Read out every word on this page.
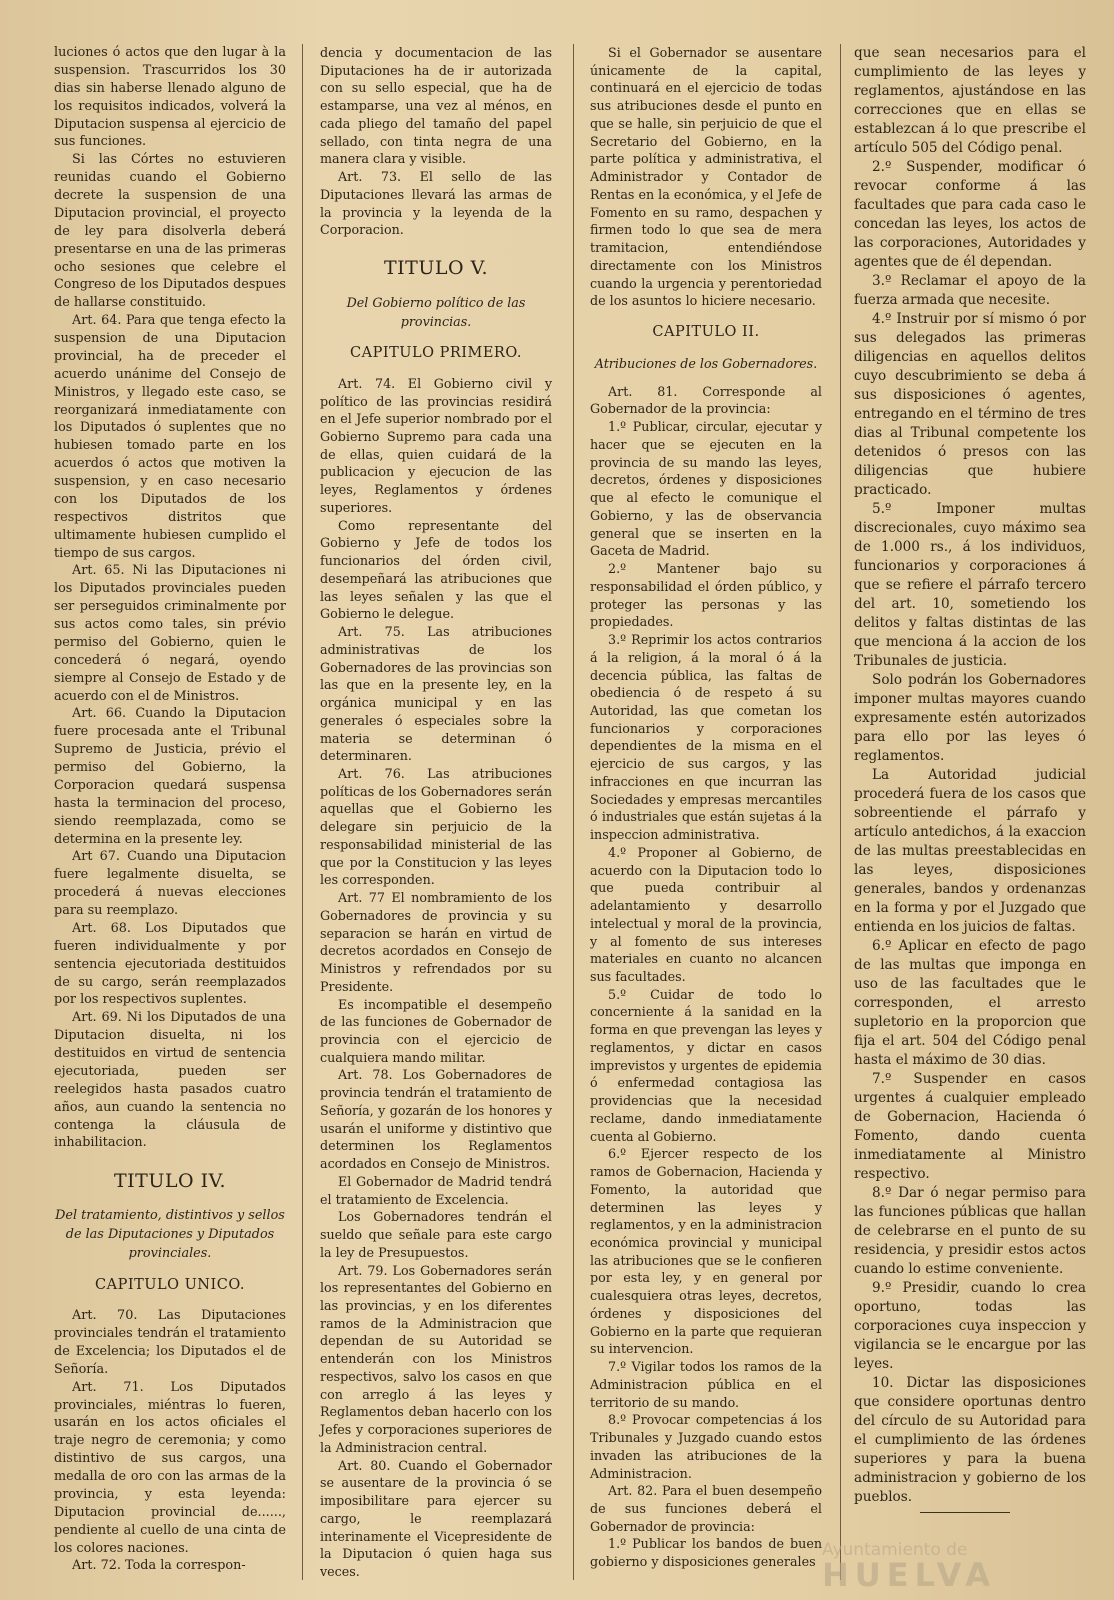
luciones ó actos que den lugar à la suspension. Trascurridos los 30 dias sin haberse llenado alguno de los requisitos indicados, volverá la Diputacion suspensa al ejercicio de sus funciones.

Si las Córtes no estuvieren reunidas cuando el Gobierno decrete la suspension de una Diputacion provincial, el proyecto de ley para disolverla deberá presentarse en una de las primeras ocho sesiones que celebre el Congreso de los Diputados despues de hallarse constituido.

Art. 64. Para que tenga efecto la suspension de una Diputacion provincial, ha de preceder el acuerdo unánime del Consejo de Ministros, y llegado este caso, se reorganizará inmediatamente con los Diputados ó suplentes que no hubiesen tomado parte en los acuerdos ó actos que motiven la suspension, y en caso necesario con los Diputados de los respectivos distritos que ultimamente hubiesen cumplido el tiempo de sus cargos.

Art. 65. Ni las Diputaciones ni los Diputados provinciales pueden ser perseguidos criminalmente por sus actos como tales, sin prévio permiso del Gobierno, quien le concederá ó negará, oyendo siempre al Consejo de Estado y de acuerdo con el de Ministros.

Art. 66. Cuando la Diputacion fuere procesada ante el Tribunal Supremo de Justicia, prévio el permiso del Gobierno, la Corporacion quedará suspensa hasta la terminacion del proceso, siendo reemplazada, como se determina en la presente ley.

Art 67. Cuando una Diputacion fuere legalmente disuelta, se procederá á nuevas elecciones para su reemplazo.

Art. 68. Los Diputados que fueren individualmente y por sentencia ejecutoriada destituidos de su cargo, serán reemplazados por los respectivos suplentes.

Art. 69. Ni los Diputados de una Diputacion disuelta, ni los destituidos en virtud de sentencia ejecutoriada, pueden ser reelegidos hasta pasados cuatro años, aun cuando la sentencia no contenga la cláusula de inhabilitacion.

TITULO IV.

Del tratamiento, distintivos y sellos de las Diputaciones y Diputados provinciales.

CAPITULO UNICO.

Art. 70. Las Diputaciones provinciales tendrán el tratamiento de Excelencia; los Diputados el de Señoría.

Art. 71. Los Diputados provinciales, miéntras lo fueren, usarán en los actos oficiales el traje negro de ceremonia; y como distintivo de sus cargos, una medalla de oro con las armas de la provincia, y esta leyenda: Diputacion provincial de......, pendiente al cuello de una cinta de los colores naciones.

Art. 72. Toda la correspon-

dencia y documentacion de las Diputaciones ha de ir autorizada con su sello especial, que ha de estamparse, una vez al ménos, en cada pliego del tamaño del papel sellado, con tinta negra de una manera clara y visible.

Art. 73. El sello de las Diputaciones llevará las armas de la provincia y la leyenda de la Corporacion.

TITULO V.

Del Gobierno político de las provincias.

CAPITULO PRIMERO.

Art. 74. El Gobierno civil y político de las provincias residirá en el Jefe superior nombrado por el Gobierno Supremo para cada una de ellas, quien cuidará de la publicacion y ejecucion de las leyes, Reglamentos y órdenes superiores.

Como representante del Gobierno y Jefe de todos los funcionarios del órden civil, desempeñará las atribuciones que las leyes señalen y las que el Gobierno le delegue.

Art. 75. Las atribuciones administrativas de los Gobernadores de las provincias son las que en la presente ley, en la orgánica municipal y en las generales ó especiales sobre la materia se determinan ó determinaren.

Art. 76. Las atribuciones políticas de los Gobernadores serán aquellas que el Gobierno les delegare sin perjuicio de la responsabilidad ministerial de las que por la Constitucion y las leyes les corresponden.

Art. 77 El nombramiento de los Gobernadores de provincia y su separacion se harán en virtud de decretos acordados en Consejo de Ministros y refrendados por su Presidente.

Es incompatible el desempeño de las funciones de Gobernador de provincia con el ejercicio de cualquiera mando militar.

Art. 78. Los Gobernadores de provincia tendrán el tratamiento de Señoría, y gozarán de los honores y usarán el uniforme y distintivo que determinen los Reglamentos acordados en Consejo de Ministros.

El Gobernador de Madrid tendrá el tratamiento de Excelencia.

Los Gobernadores tendrán el sueldo que señale para este cargo la ley de Presupuestos.

Art. 79. Los Gobernadores serán los representantes del Gobierno en las provincias, y en los diferentes ramos de la Administracion que dependan de su Autoridad se entenderán con los Ministros respectivos, salvo los casos en que con arreglo á las leyes y Reglamentos deban hacerlo con los Jefes y corporaciones superiores de la Administracion central.

Art. 80. Cuando el Gobernador se ausentare de la provincia ó se imposibilitare para ejercer su cargo, le reemplazará interinamente el Vicepresidente de la Diputacion ó quien haga sus veces.

Si el Gobernador se ausentare únicamente de la capital, continuará en el ejercicio de todas sus atribuciones desde el punto en que se halle, sin perjuicio de que el Secretario del Gobierno, en la parte política y administrativa, el Administrador y Contador de Rentas en la económica, y el Jefe de Fomento en su ramo, despachen y firmen todo lo que sea de mera tramitacion, entendiéndose directamente con los Ministros cuando la urgencia y perentoriedad de los asuntos lo hiciere necesario.

CAPITULO II.

Atribuciones de los Gobernadores.

Art. 81. Corresponde al Gobernador de la provincia:

1.º Publicar, circular, ejecutar y hacer que se ejecuten en la provincia de su mando las leyes, decretos, órdenes y disposiciones que al efecto le comunique el Gobierno, y las de observancia general que se inserten en la Gaceta de Madrid.

2.º Mantener bajo su responsabilidad el órden público, y proteger las personas y las propiedades.

3.º Reprimir los actos contrarios á la religion, á la moral ó á la decencia pública, las faltas de obediencia ó de respeto á su Autoridad, las que cometan los funcionarios y corporaciones dependientes de la misma en el ejercicio de sus cargos, y las infracciones en que incurran las Sociedades y empresas mercantiles ó industriales que están sujetas á la inspeccion administrativa.

4.º Proponer al Gobierno, de acuerdo con la Diputacion todo lo que pueda contribuir al adelantamiento y desarrollo intelectual y moral de la provincia, y al fomento de sus intereses materiales en cuanto no alcancen sus facultades.

5.º Cuidar de todo lo concerniente á la sanidad en la forma en que prevengan las leyes y reglamentos, y dictar en casos imprevistos y urgentes de epidemia ó enfermedad contagiosa las providencias que la necesidad reclame, dando inmediatamente cuenta al Gobierno.

6.º Ejercer respecto de los ramos de Gobernacion, Hacienda y Fomento, la autoridad que determinen las leyes y reglamentos, y en la administracion económica provincial y municipal las atribuciones que se le confieren por esta ley, y en general por cualesquiera otras leyes, decretos, órdenes y disposiciones del Gobierno en la parte que requieran su intervencion.

7.º Vigilar todos los ramos de la Administracion pública en el territorio de su mando.

8.º Provocar competencias á los Tribunales y Juzgado cuando estos invaden las atribuciones de la Administracion.

Art. 82. Para el buen desempeño de sus funciones deberá el Gobernador de provincia:

1.º Publicar los bandos de buen gobierno y disposiciones generales

que sean necesarios para el cumplimiento de las leyes y reglamentos, ajustándose en las correcciones que en ellas se establezcan á lo que prescribe el artículo 505 del Código penal.

2.º Suspender, modificar ó revocar conforme á las facultades que para cada caso le concedan las leyes, los actos de las corporaciones, Autoridades y agentes que de él dependan.

3.º Reclamar el apoyo de la fuerza armada que necesite.

4.º Instruir por sí mismo ó por sus delegados las primeras diligencias en aquellos delitos cuyo descubrimiento se deba á sus disposiciones ó agentes, entregando en el término de tres dias al Tribunal competente los detenidos ó presos con las diligencias que hubiere practicado.

5.º Imponer multas discrecionales, cuyo máximo sea de 1.000 rs., á los individuos, funcionarios y corporaciones á que se refiere el párrafo tercero del art. 10, sometiendo los delitos y faltas distintas de las que menciona á la accion de los Tribunales de justicia.

Solo podrán los Gobernadores imponer multas mayores cuando expresamente estén autorizados para ello por las leyes ó reglamentos.

La Autoridad judicial procederá fuera de los casos que sobreentiende el párrafo y artículo antedichos, á la exaccion de las multas preestablecidas en las leyes, disposiciones generales, bandos y ordenanzas en la forma y por el Juzgado que entienda en los juicios de faltas.

6.º Aplicar en efecto de pago de las multas que imponga en uso de las facultades que le corresponden, el arresto supletorio en la proporcion que fija el art. 504 del Código penal hasta el máximo de 30 dias.

7.º Suspender en casos urgentes á cualquier empleado de Gobernacion, Hacienda ó Fomento, dando cuenta inmediatamente al Ministro respectivo.

8.º Dar ó negar permiso para las funciones públicas que hallan de celebrarse en el punto de su residencia, y presidir estos actos cuando lo estime conveniente.

9.º Presidir, cuando lo crea oportuno, todas las corporaciones cuya inspeccion y vigilancia se le encargue por las leyes.

10. Dictar las disposiciones que considere oportunas dentro del círculo de su Autoridad para el cumplimiento de las órdenes superiores y para la buena administracion y gobierno de los pueblos.

Ayuntamiento de
HUELVA
